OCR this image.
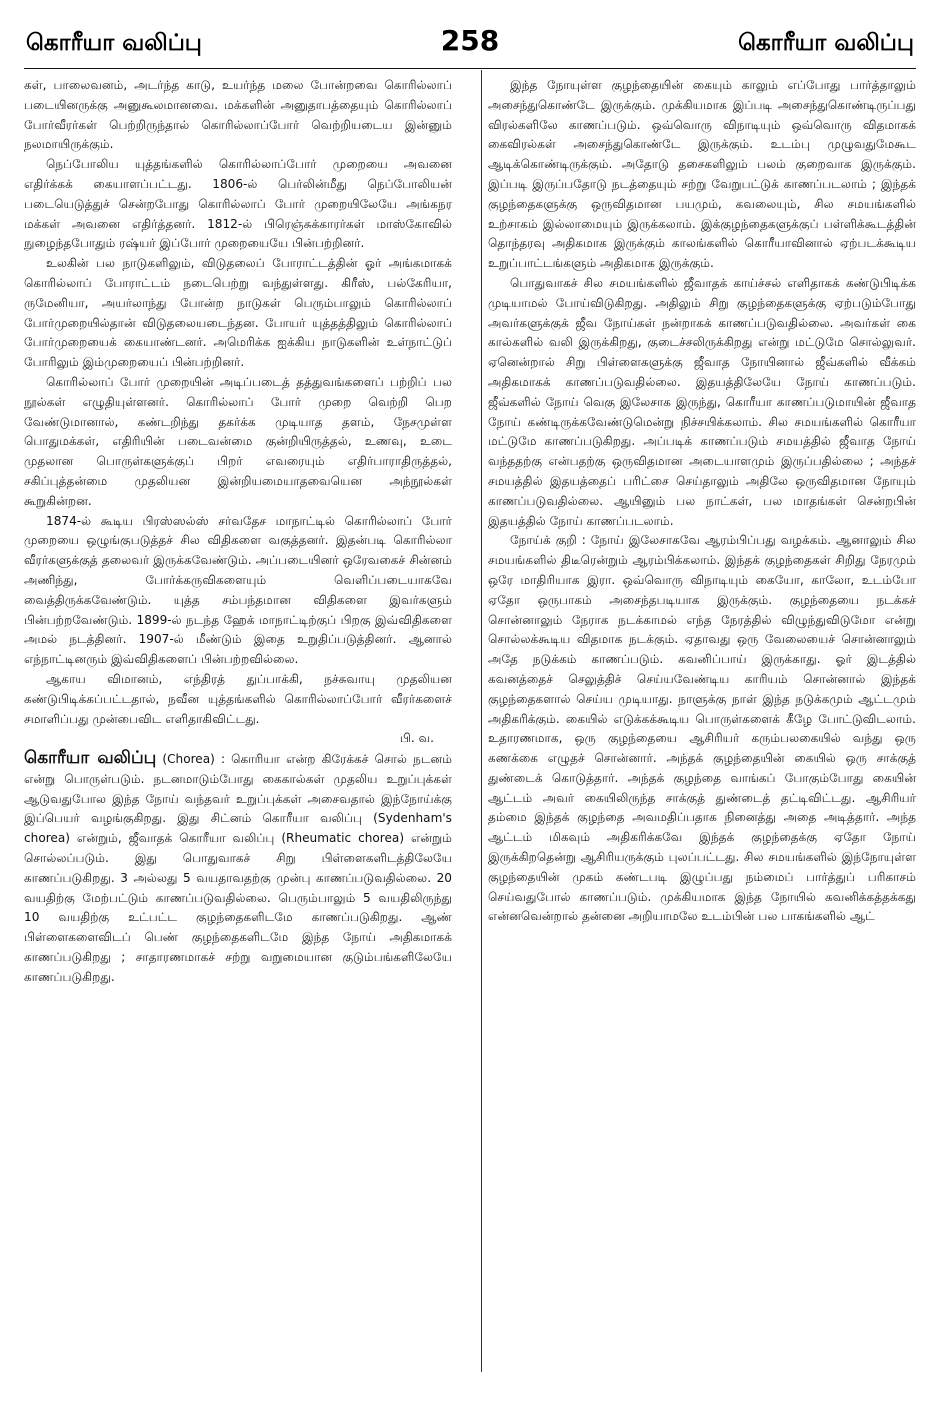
கொரீயா வலிப்பு	258	கொரீயா வலிப்பு

கள், பாலைவனம், அடர்ந்த காடு, உயர்ந்த மலை போன்றவை கொரில்லாப் படையினருக்கு அனுகூலமானவை. மக்களின் அனுதாபத்தையும் கொரில்லாப் போர்வீரர்கள் பெற்றிருந்தால் கொரில்லாப்போர் வெற்றியடைய இன்னும் நலமாயிருக்கும்.

நெப்போலிய யுத்தங்களில் கொரில்லாப்போர் முறையை அவனை எதிர்க்கக் கையாளப்பட்டது. 1806-ல் பெர்லின்மீது நெப்போலியன் படையெடுத்துச் சென்றபோது கொரில்லாப் போர் முறையிலேயே அங்கநர மக்கள் அவனை எதிர்த்தனர். 1812-ல் பிரெஞ்சுக்காரர்கள் மாஸ்கோவில் நுழைந்தபோதும் ரஷ்யர் இப்போர் முறையையே பின்பற்றினர்.

உலகின் பல நாடுகளிலும், விடுதலைப் போராட்டத்தின் ஓர் அங்கமாகக் கொரில்லாப் போராட்டம் நடைபெற்று வந்துள்ளது. கிரீஸ், பல்கேரியா, ருமேனியா, அயர்லாந்து போன்ற நாடுகள் பெரும்பாலும் கொரில்லாப் போர்முறையில்தான் விடுதலையடைந்தன. போயர் யுத்தத்திலும் கொரில்லாப் போர்முறையைக் கையாண்டனர். அமெரிக்க ஐக்கிய நாடுகளின் உள்நாட்டுப் போரிலும் இம்முறையைப் பின்பற்றினர்.

கொரில்லாப் போர் முறையின் அடிப்படைத் தத்துவங்களைப் பற்றிப் பல நூல்கள் எழுதியுள்ளனர். கொரில்லாப் போர் முறை வெற்றி பெற வேண்டுமானால், கண்டறிந்து தகர்க்க முடியாத தளம், நேசமுள்ள பொதுமக்கள், எதிரியின் படைவன்மை குன்றியிருத்தல், உணவு, உடை முதலான பொருள்களுக்குப் பிறர் எவரையும் எதிர்பாராதிருத்தல், சகிப்புத்தன்மை முதலியன இன்றியமையாதவையென அந்நூல்கள் கூறுகின்றன.

1874-ல் கூடிய பிரஸ்ஸல்ஸ் சர்வதேச மாநாட்டில் கொரில்லாப் போர் முறையை ஒழுங்குபடுத்தச் சில விதிகளை வகுத்தனர். இதன்படி கொரில்லா வீரர்களுக்குத் தலைவர் இருக்கவேண்டும். அப்படையினர் ஒரேவகைச் சின்னம் அணிந்து, போர்க்கருவிகளையும் வெளிப்படையாகவே வைத்திருக்கவேண்டும். யுத்த சம்பந்தமான விதிகளை இவர்களும் பின்பற்றவேண்டும். 1899-ல் நடந்த ஹேக் மாநாட்டிற்குப் பிறகு இவ்விதிகளை அமல் நடத்தினர். 1907-ல் மீண்டும் இதை உறுதிப்படுத்தினர். ஆனால் எந்நாட்டினரும் இவ்விதிகளைப் பின்பற்றவில்லை.

ஆகாய விமானம், எந்திரத் துப்பாக்கி, நச்சுவாயு முதலியன கண்டுபிடிக்கப்பட்டதால், நவீன யுத்தங்களில் கொரில்லாப்போர் வீரர்களைச் சமாளிப்பது முன்பைவிட எளிதாகிவிட்டது.

பி. வ.

கொரீயா வலிப்பு (Chorea) : கொரியா என்ற கிரேக்கச் சொல் நடனம் என்று பொருள்படும். நடனமாடும்போது கைகால்கள் முதலிய உறுப்புக்கள் ஆடுவதுபோல இந்த நோய் வந்தவர் உறுப்புக்கள் அசைவதால் இந்நோய்க்கு இப்பெயர் வழங்குகிறது. இது சிட்னம் கொரீயா வலிப்பு (Sydenham's chorea) என்றும், ஜீவாதக் கொரீயா வலிப்பு (Rheumatic chorea) என்றும் சொல்லப்படும். இது பொதுவாகச் சிறு பிள்ளைகளிடத்திலேயே காணப்படுகிறது. 3 அல்லது 5 வயதாவதற்கு முன்பு காணப்படுவதில்லை. 20 வயதிற்கு மேற்பட்டும் காணப்படுவதில்லை. பெரும்பாலும் 5 வயதிலிருந்து 10 வயதிற்கு உட்பட்ட குழந்தைகளிடமே காணப்படுகிறது. ஆண் பிள்ளைகளைவிடப் பெண் குழந்தைகளிடமே இந்த நோய் அதிகமாகக் காணப்படுகிறது ; சாதாரணமாகச் சற்று வறுமையான குடும்பங்களிலேயே காணப்படுகிறது.

இந்த நோயுள்ள குழந்தையின் கையும் காலும் எப்போது பார்த்தாலும் அசைந்துகொண்டே இருக்கும். முக்கியமாக இப்படி அசைந்துகொண்டிருப்பது விரல்களிலே காணப்படும். ஒவ்வொரு விநாடியும் ஒவ்வொரு விதமாகக் கைவிரல்கள் அசைந்துகொண்டே இருக்கும். உடம்பு முழுவதுமேகூட ஆடிக்கொண்டிருக்கும். அதோடு தசைகளிலும் பலம் குறைவாக இருக்கும். இப்படி இருப்பதோடு நடத்தையும் சற்று வேறுபட்டுக் காணப்படலாம் ; இந்தக் குழந்தைகளுக்கு ஒருவிதமான பயமும், கவலையும், சில சமயங்களில் உற்சாகம் இல்லாமையும் இருக்கலாம். இக்குழந்தைகளுக்குப் பள்ளிக்கூடத்தின் தொந்தரவு அதிகமாக இருக்கும் காலங்களில் கொரீயாவினால் ஏற்படக்கூடிய உறுப்பாட்டங்களும் அதிகமாக இருக்கும்.

பொதுவாகச் சில சமயங்களில் ஜீவாதக் காய்ச்சல் எளிதாகக் கண்டுபிடிக்க முடியாமல் போய்விடுகிறது. அதிலும் சிறு குழந்தைகளுக்கு ஏற்படும்போது அவர்களுக்குக் ஜீவ நோய்கள் நன்றாகக் காணப்படுவதில்லை. அவர்கள் கை கால்களில் வலி இருக்கிறது, குடைச்சலிருக்கிறது என்று மட்டுமே சொல்லுவர். ஏனென்றால் சிறு பிள்ளைகளுக்கு ஜீவாத நோயினால் ஜீவ்களில் வீக்கம் அதிகமாகக் காணப்படுவதில்லை. இதயத்திலேயே நோய் காணப்படும். ஜீவ்களில் நோய் வெகு இலேசாக இருந்து, கொரீயா காணப்படுமாயின் ஜீவாத நோய் கண்டிருக்கவேண்டுமென்று நிச்சயிக்கலாம். சில சமயங்களில் கொரீயா மட்டுமே காணப்படுகிறது. அப்படிக் காணப்படும் சமயத்தில் ஜீவாத நோய் வந்ததற்கு என்பதற்கு ஒருவிதமான அடையாளமும் இருப்பதில்லை ; அந்தச் சமயத்தில் இதயத்தைப் பரிட்சை செய்தாலும் அதிலே ஒருவிதமான நோயும் காணப்படுவதில்லை. ஆயினும் பல நாட்கள், பல மாதங்கள் சென்றபின் இதயத்தில் நோய் காணப்படலாம்.

நோய்க் குறி : நோய் இலேசாகவே ஆரம்பிப்பது வழக்கம். ஆனாலும் சில சமயங்களில் திடீரென்றும் ஆரம்பிக்கலாம். இந்தக் குழந்தைகள் சிறிது நேரமும் ஒரே மாதிரியாக இரா. ஒவ்வொரு விநாடியும் கையோ, காலோ, உடம்போ ஏதோ ஒருபாகம் அசைந்தபடியாக இருக்கும். குழந்தையை நடக்கச் சொன்னாலும் நேராக நடக்காமல் எந்த நேரத்தில் விழுந்துவிடுமோ என்று சொல்லக்கூடிய விதமாக நடக்கும். ஏதாவது ஒரு வேலையைச் சொன்னாலும் அதே நடுக்கம் காணப்படும். கவனிப்பாய் இருக்காது. ஓர் இடத்தில் கவனத்தைச் செலுத்திச் செய்யவேண்டிய காரியம் சொன்னால் இந்தக் குழந்தைகளால் செய்ய முடியாது. நாளுக்கு நாள் இந்த நடுக்கமும் ஆட்டமும் அதிகரிக்கும். கையில் எடுக்கக்கூடிய பொருள்களைக் கீழே போட்டுவிடலாம். உதாரணமாக, ஒரு குழந்தையை ஆசிரியர் கரும்பலகையில் வந்து ஒரு கணக்கை எழுதச் சொன்னார். அந்தக் குழந்தையின் கையில் ஒரு சாக்குத் துண்டைக் கொடுத்தார். அந்தக் குழந்தை வாங்கப் போகும்போது கையின் ஆட்டம் அவர் கையிலிருந்த சாக்குத் துண்டைத் தட்டிவிட்டது. ஆசிரியர் தம்மை இந்தக் குழந்தை அவமதிப்பதாக நினைத்து அதை அடித்தார். அந்த ஆட்டம் மிகவும் அதிகரிக்கவே இந்தக் குழந்தைக்கு ஏதோ நோய் இருக்கிறதென்று ஆசிரியருக்கும் புலப்பட்டது. சில சமயங்களில் இந்நோயுள்ள குழந்தையின் முகம் கண்டபடி இழுப்பது நம்மைப் பார்த்துப் பரிகாசம் செய்வதுபோல் காணப்படும். முக்கியமாக இந்த நோயில் கவனிக்கத்தக்கது என்னவென்றால் தன்னை அறியாமலே உடம்பின் பல பாகங்களில் ஆட்
